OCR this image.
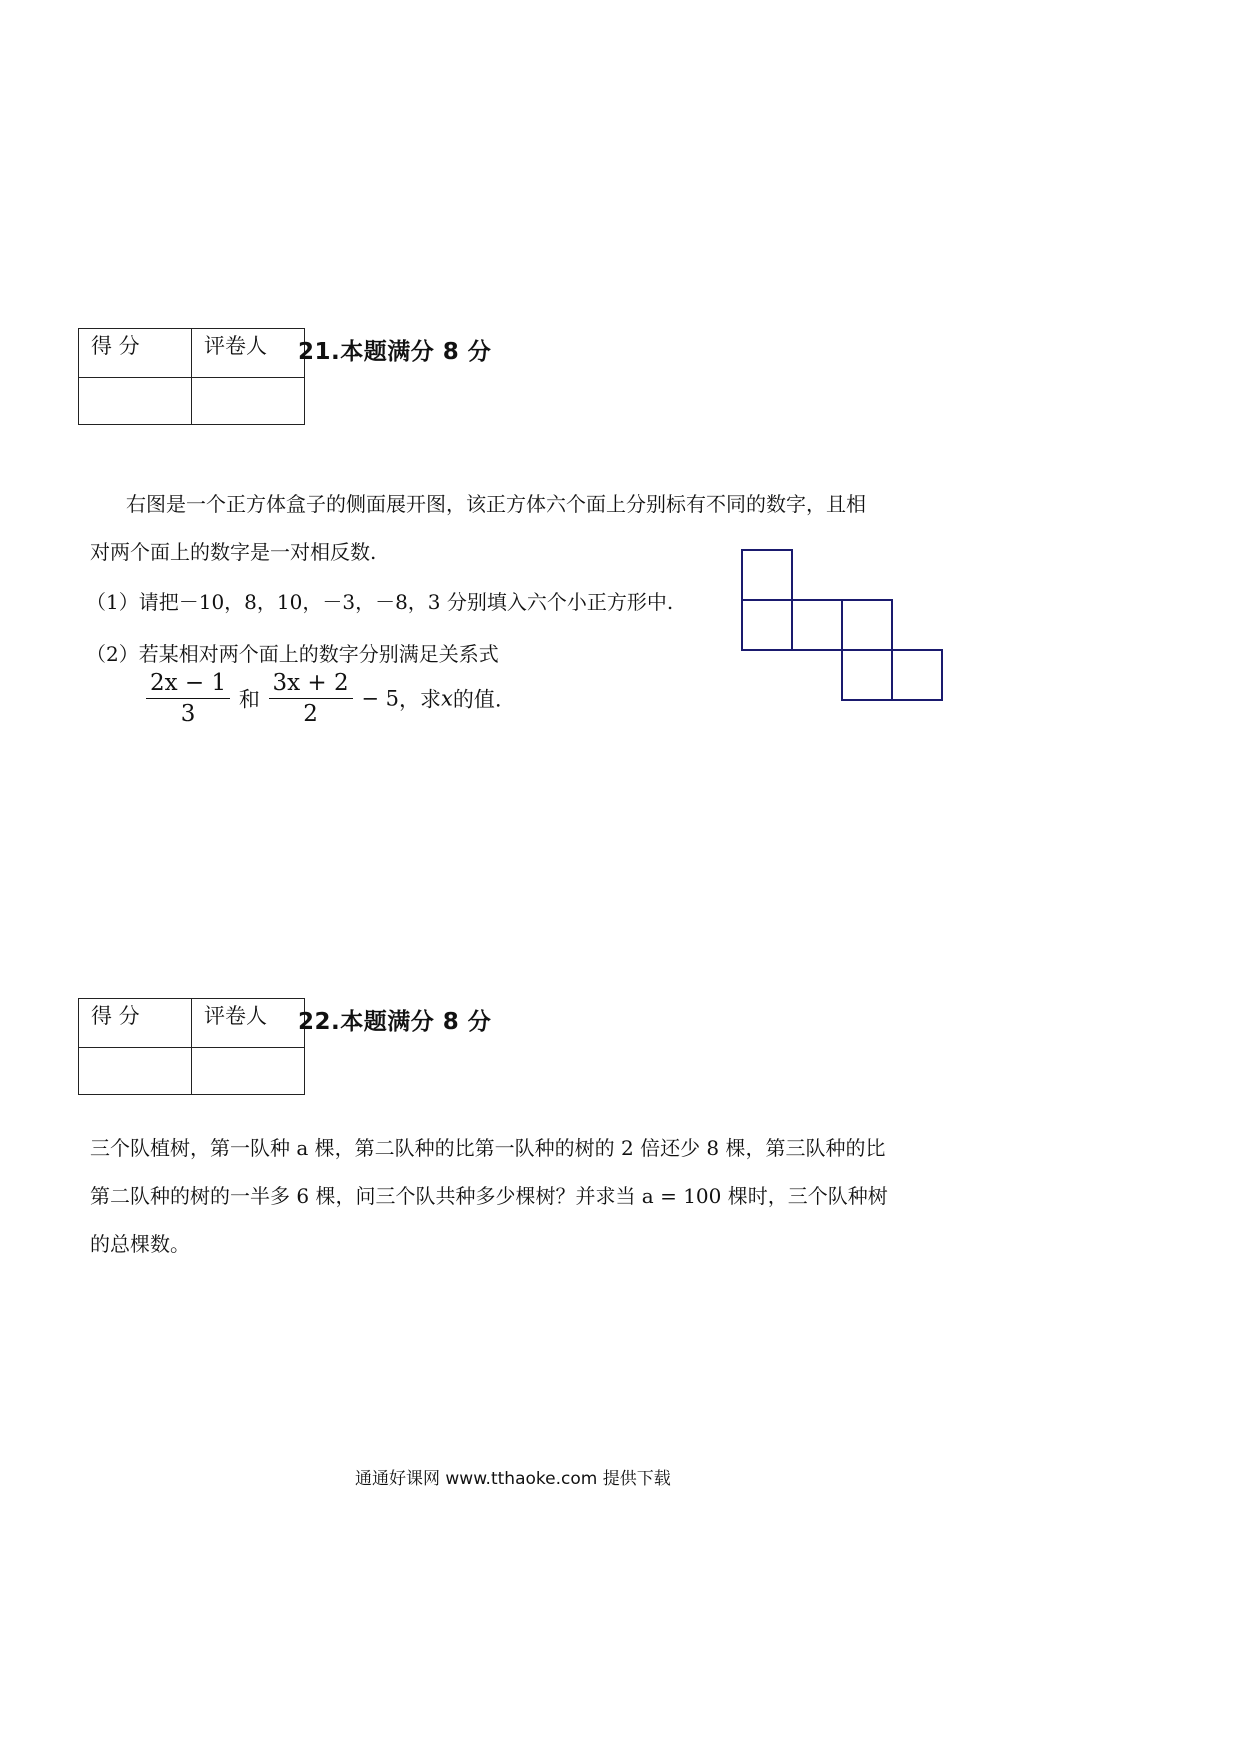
得 分	评卷人
	21.本题满分 8 分

右图是一个正方体盒子的侧面展开图，该正方体六个面上分别标有不同的数字，且相

对两个面上的数字是一对相反数.

（1）请把－10，8，10，－3，－8，3 分别填入六个小正方形中.

（2）若某相对两个面上的数字分别满足关系式

$\frac{2x - 1}{3}$ 和 $\frac{3x + 2}{2} - 5$，求x的值.
得 分	评卷人
	22.本题满分 8 分

三个队植树，第一队种 a 棵，第二队种的比第一队种的树的 2 倍还少 8 棵，第三队种的比

第二队种的树的一半多 6 棵，问三个队共种多少棵树？并求当 a = 100 棵时，三个队种树

的总棵数。

通通好课网 www.tthaoke.com 提供下载
